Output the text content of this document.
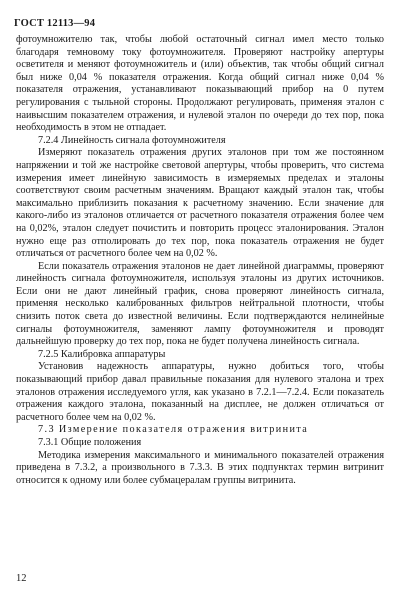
ГОСТ 12113—94

фотоумножителю так, чтобы любой остаточный сигнал имел место только благодаря темновому току фотоумножителя. Проверяют настройку апертуры осветителя и меняют фотоумножитель и (или) объектив, так чтобы общий сигнал был ниже 0,04 % показателя отражения. Когда общий сигнал ниже 0,04 % показателя отражения, устанавливают показывающий прибор на 0 путем регулирования с тыльной стороны. Продолжают регулировать, применяя эталон с наивысшим показателем отражения, и нулевой эталон по очереди до тех пор, пока необходимость в этом не отпадает.

7.2.4 Линейность сигнала фотоумножителя

Измеряют показатель отражения других эталонов при том же постоянном напряжении и той же настройке световой апертуры, чтобы проверить, что система измерения имеет линейную зависимость в измеряемых пределах и эталоны соответствуют своим расчетным значениям. Вращают каждый эталон так, чтобы максимально приблизить показания к расчетному значению. Если значение для какого-либо из эталонов отличается от расчетного показателя отражения более чем на 0,02%, эталон следует почистить и повторить процесс эталонирования. Эталон нужно еще раз отполировать до тех пор, пока показатель отражения не будет отличаться от расчетного более чем на 0,02 %.

Если показатель отражения эталонов не дает линейной диаграммы, проверяют линейность сигнала фотоумножителя, используя эталоны из других источников. Если они не дают линейный график, снова проверяют линейность сигнала, применяя несколько калиброванных фильтров нейтральной плотности, чтобы снизить поток света до известной величины. Если подтверждаются нелинейные сигналы фотоумножителя, заменяют лампу фотоумножителя и проводят дальнейшую проверку до тех пор, пока не будет получена линейность сигнала.

7.2.5 Калибровка аппаратуры

Установив надежность аппаратуры, нужно добиться того, чтобы показывающий прибор давал правильные показания для нулевого эталона и трех эталонов отражения исследуемого угля, как указано в 7.2.1—7.2.4. Если показатель отражения каждого эталона, показанный на дисплее, не должен отличаться от расчетного более чем на 0,02 %.

7.3 Измерение показателя отражения витринита

7.3.1 Общие положения

Методика измерения максимального и минимального показателей отражения приведена в 7.3.2, а произвольного в 7.3.3. В этих подпунктах термин витринит относится к одному или более субмацералам группы витринита.

12
